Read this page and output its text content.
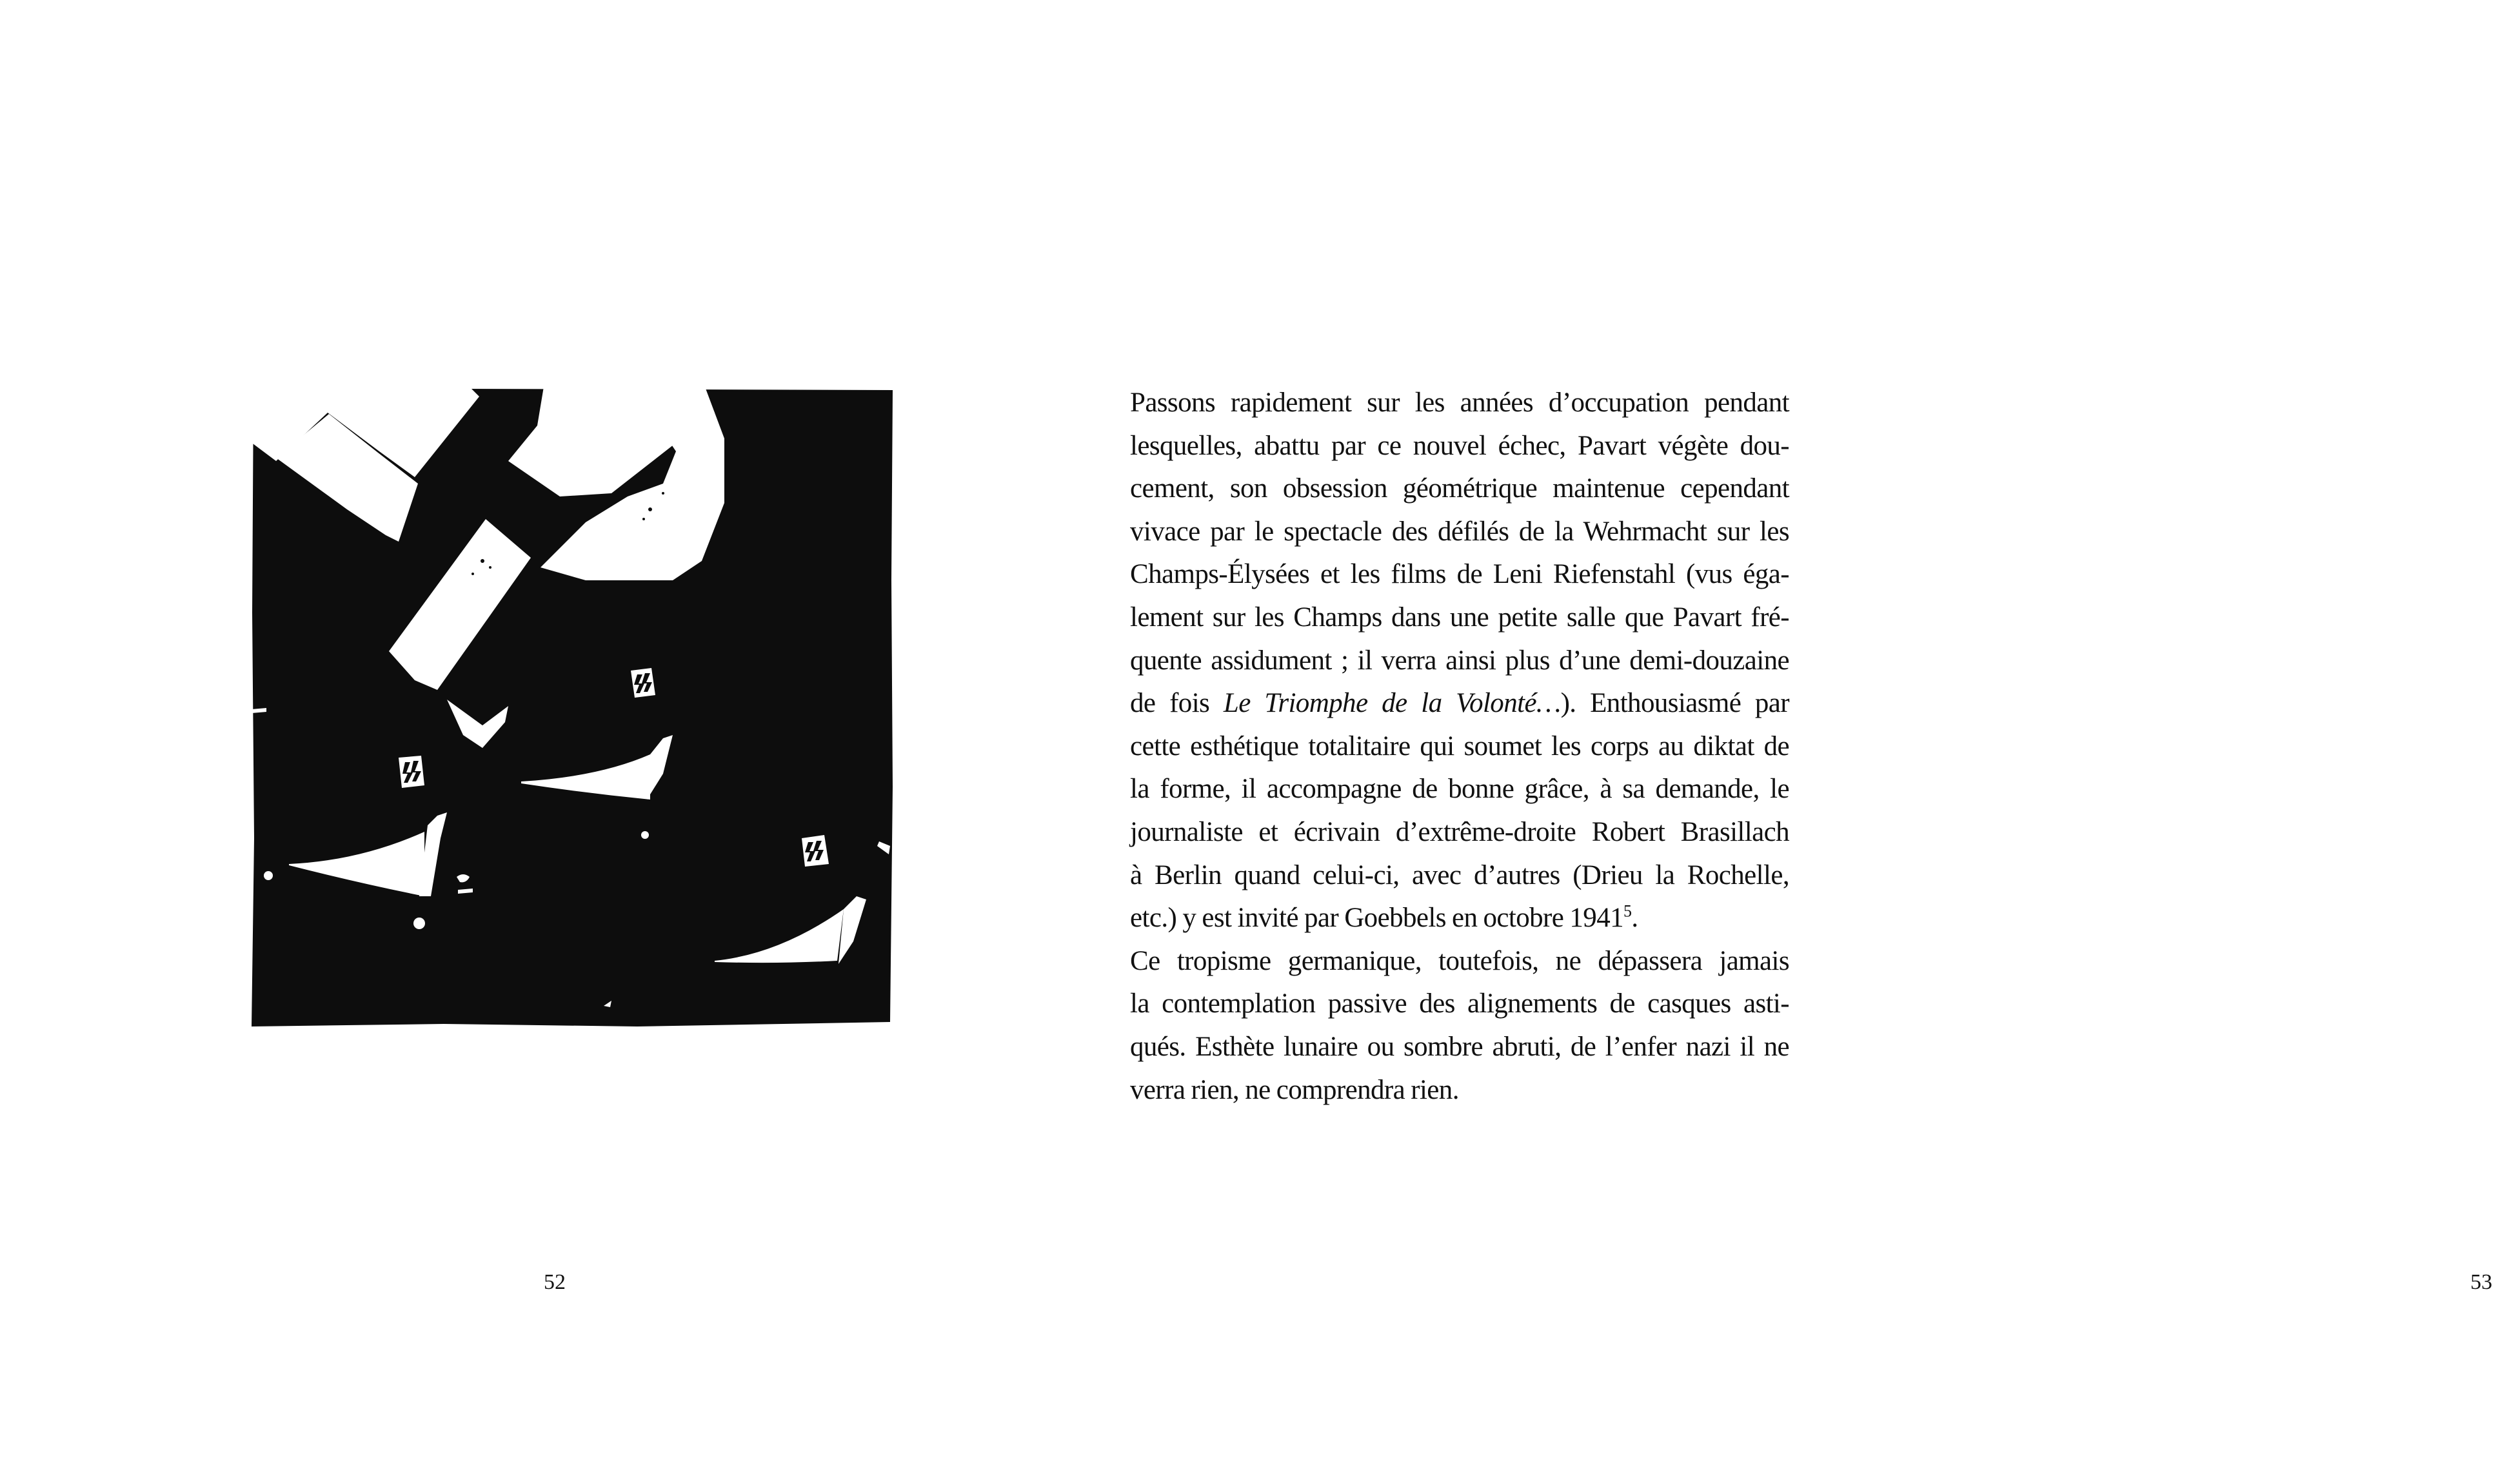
52	53
Passons rapidement sur les années d’occupation pendant
lesquelles, abattu par ce nouvel échec, Pavart végète dou-
cement, son obsession géométrique maintenue cependant
vivace par le spectacle des défilés de la Wehrmacht sur les
Champs-Élysées et les films de Leni Riefenstahl (vus éga-
lement sur les Champs dans une petite salle que Pavart fré-
quente assidument ; il verra ainsi plus d’une demi-douzaine
de fois Le Triomphe de la Volonté…). Enthousiasmé par
cette esthétique totalitaire qui soumet les corps au diktat de
la forme, il accompagne de bonne grâce, à sa demande, le
journaliste et écrivain d’extrême-droite Robert Brasillach
à Berlin quand celui-ci, avec d’autres (Drieu la Rochelle,
etc.) y est invité par Goebbels en octobre 1941$^5$.
Ce tropisme germanique, toutefois, ne dépassera jamais
la contemplation passive des alignements de casques asti-
qués. Esthète lunaire ou sombre abruti, de l’enfer nazi il ne
verra rien, ne comprendra rien.
